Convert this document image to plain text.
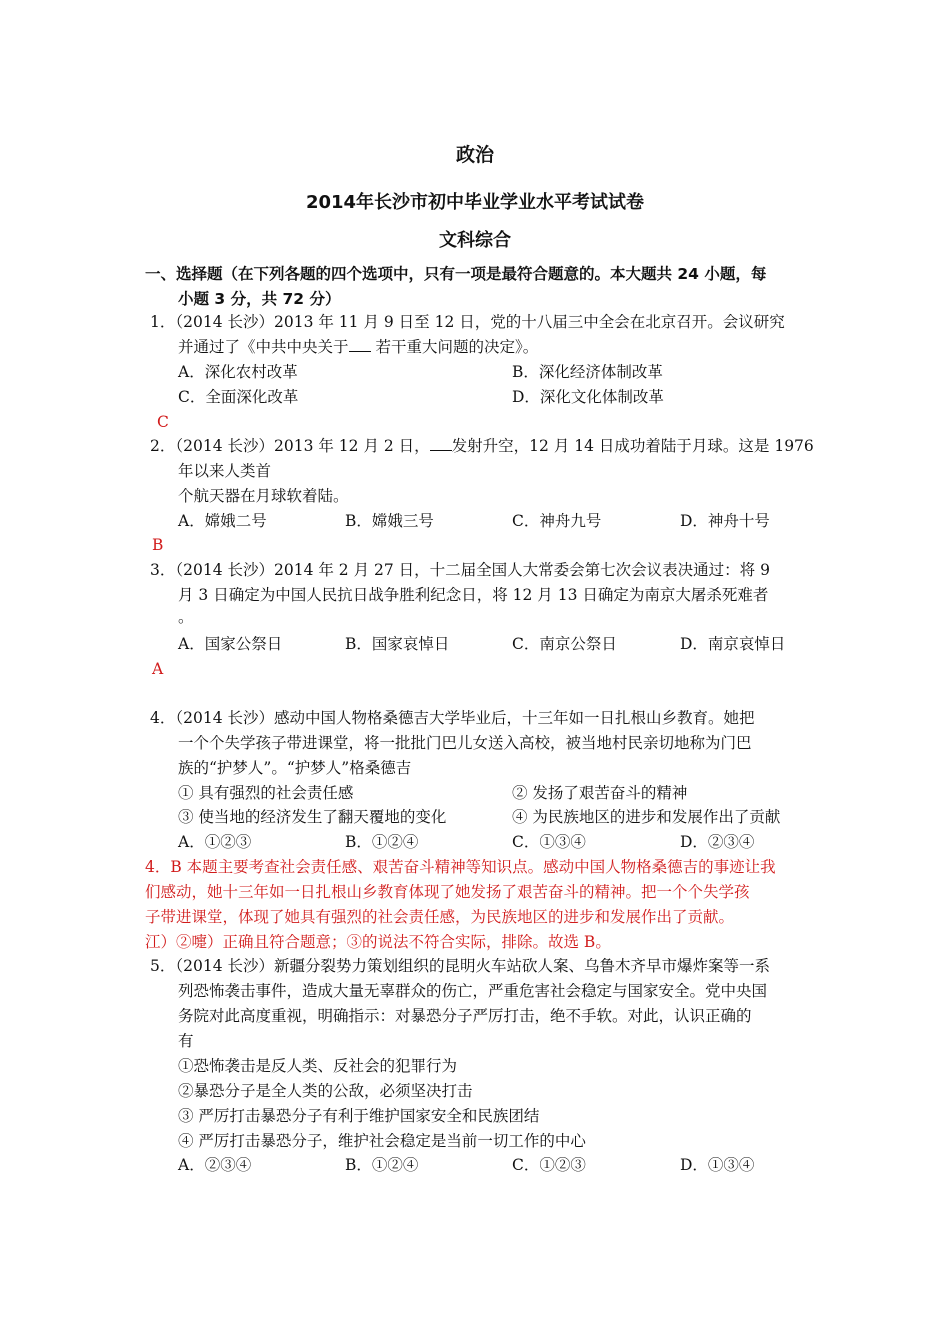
政治
2014年长沙市初中毕业学业水平考试试卷
文科综合
一、选择题（在下列各题的四个选项中，只有一项是最符合题意的。本大题共 24 小题，每
小题 3 分，共 72 分）
1．（2014 长沙）2013 年 11 月 9 日至 12 日，党的十八届三中全会在北京召开。会议研究
并通过了《中共中央关于 若干重大问题的决定》。
A．深化农村改革	B．深化经济体制改革
C．全面深化改革	D．深化文化体制改革
C
2．（2014 长沙）2013 年 12 月 2 日， 发射升空，12 月 14 日成功着陆于月球。这是 1976
年以来人类首
个航天器在月球软着陆。
A．嫦娥二号	B．嫦娥三号	C．神舟九号	D．神舟十号
B
3．（2014 长沙）2014 年 2 月 27 日，十二届全国人大常委会第七次会议表决通过：将 9
月 3 日确定为中国人民抗日战争胜利纪念日，将 12 月 13 日确定为南京大屠杀死难者
。
A．国家公祭日	B．国家哀悼日	C．南京公祭日	D．南京哀悼日
A
4．（2014 长沙）感动中国人物格桑德吉大学毕业后，十三年如一日扎根山乡教育。她把
一个个失学孩子带进课堂，将一批批门巴儿女送入高校，被当地村民亲切地称为门巴
族的“护梦人”。“护梦人”格桑德吉
① 具有强烈的社会责任感	② 发扬了艰苦奋斗的精神
③ 使当地的经济发生了翻天覆地的变化	④ 为民族地区的进步和发展作出了贡献
A．①②③	B．①②④	C．①③④	D．②③④
4．B 本题主要考查社会责任感、艰苦奋斗精神等知识点。感动中国人物格桑德吉的事迹让我
们感动，她十三年如一日扎根山乡教育体现了她发扬了艰苦奋斗的精神。把一个个失学孩
子带进课堂，体现了她具有强烈的社会责任感，为民族地区的进步和发展作出了贡献。
江）②嚏）正确且符合题意；③的说法不符合实际，排除。故选 B。
5．（2014 长沙）新疆分裂势力策划组织的昆明火车站砍人案、乌鲁木齐早市爆炸案等一系
列恐怖袭击事件，造成大量无辜群众的伤亡，严重危害社会稳定与国家安全。党中央国
务院对此高度重视，明确指示：对暴恐分子严厉打击，绝不手软。对此，认识正确的
有
①恐怖袭击是反人类、反社会的犯罪行为
②暴恐分子是全人类的公敌，必须坚决打击
③ 严厉打击暴恐分子有利于维护国家安全和民族团结
④ 严厉打击暴恐分子，维护社会稳定是当前一切工作的中心
A．②③④	B．①②④	C．①②③	D．①③④
